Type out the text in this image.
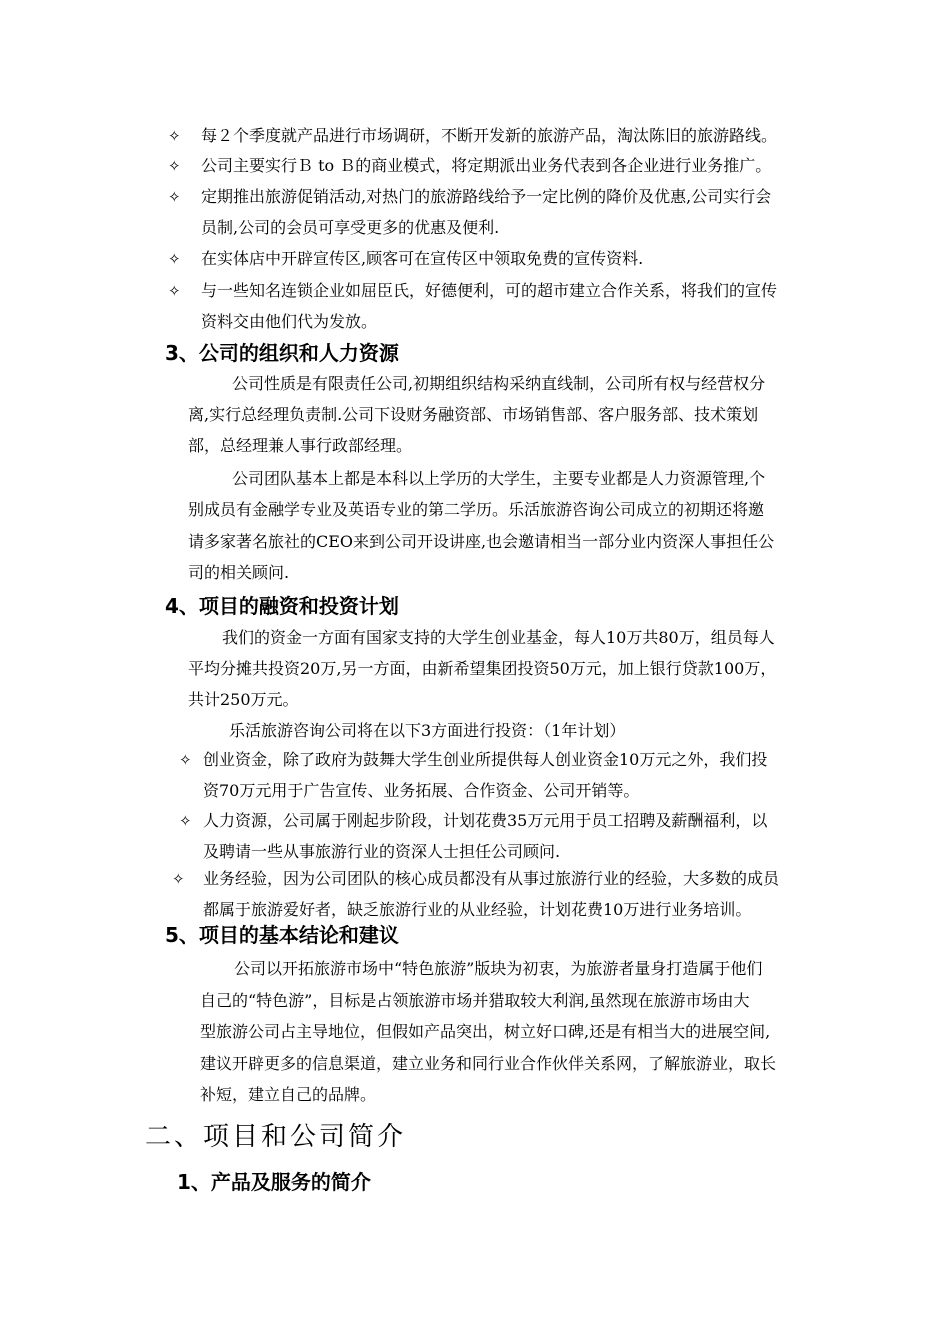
✧ 每２个季度就产品进行市场调研，不断开发新的旅游产品，淘汰陈旧的旅游路线。
✧ 公司主要实行Ｂ to Ｂ的商业模式，将定期派出业务代表到各企业进行业务推广。
✧ 定期推出旅游促销活动,对热门的旅游路线给予一定比例的降价及优惠,公司实行会
员制,公司的会员可享受更多的优惠及便利.
✧ 在实体店中开辟宣传区,顾客可在宣传区中领取免费的宣传资料.
✧ 与一些知名连锁企业如屈臣氏，好德便利，可的超市建立合作关系，将我们的宣传
资料交由他们代为发放。
3、公司的组织和人力资源
公司性质是有限责任公司,初期组织结构采纳直线制，公司所有权与经营权分
离,实行总经理负责制.公司下设财务融资部、市场销售部、客户服务部、技术策划
部，总经理兼人事行政部经理。
公司团队基本上都是本科以上学历的大学生，主要专业都是人力资源管理,个
别成员有金融学专业及英语专业的第二学历。乐活旅游咨询公司成立的初期还将邀
请多家著名旅社的CEO来到公司开设讲座,也会邀请相当一部分业内资深人事担任公
司的相关顾问.
4、项目的融资和投资计划
我们的资金一方面有国家支持的大学生创业基金，每人10万共80万，组员每人
平均分摊共投资20万,另一方面，由新希望集团投资50万元，加上银行贷款100万，
共计250万元。
乐活旅游咨询公司将在以下3方面进行投资：（1年计划）
✧ 创业资金，除了政府为鼓舞大学生创业所提供每人创业资金10万元之外，我们投
资70万元用于广告宣传、业务拓展、合作资金、公司开销等。
✧ 人力资源，公司属于刚起步阶段，计划花费35万元用于员工招聘及薪酬福利，以
及聘请一些从事旅游行业的资深人士担任公司顾问.
✧ 业务经验，因为公司团队的核心成员都没有从事过旅游行业的经验，大多数的成员
都属于旅游爱好者，缺乏旅游行业的从业经验，计划花费10万进行业务培训。
5、项目的基本结论和建议
公司以开拓旅游市场中“特色旅游”版块为初衷，为旅游者量身打造属于他们
自己的“特色游”，目标是占领旅游市场并猎取较大利润,虽然现在旅游市场由大
型旅游公司占主导地位，但假如产品突出，树立好口碑,还是有相当大的进展空间,
建议开辟更多的信息渠道，建立业务和同行业合作伙伴关系网，了解旅游业，取长
补短，建立自己的品牌。
二、项目和公司简介
1、产品及服务的简介
